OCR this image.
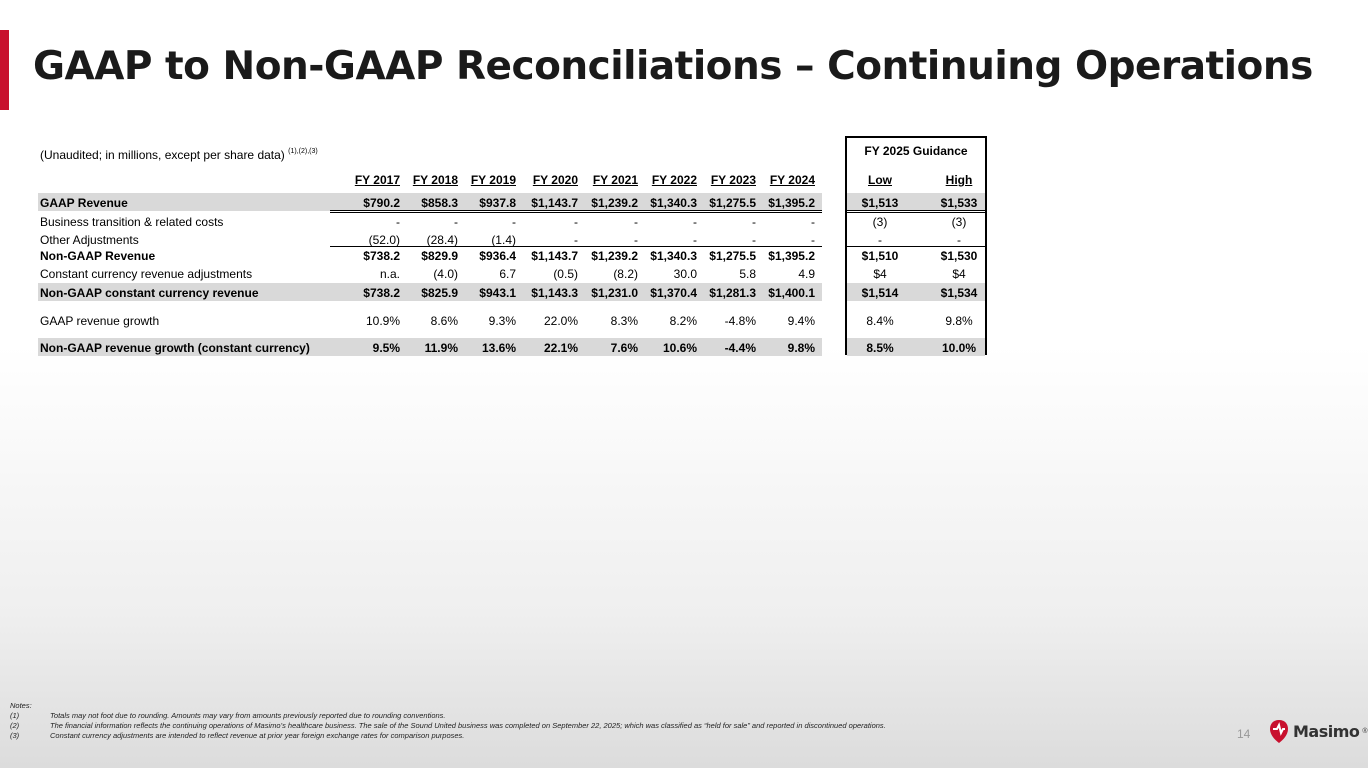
GAAP to Non-GAAP Reconciliations – Continuing Operations
(Unaudited; in millions, except per share data) $^{(1),(2),(3)}$	FY 2025 Guidance
FY 2017	FY 2018	FY 2019	FY 2020	FY 2021	FY 2022	FY 2023	FY 2024	Low	High
GAAP Revenue	$790.2	$858.3	$937.8	$1,143.7	$1,239.2	$1,340.3	$1,275.5	$1,395.2	$1,513	$1,533
Business transition & related costs	-	-	-	-	-	-	-	-	(3)	(3)
Other Adjustments	(52.0)	(28.4)	(1.4)	-	-	-	-	-	-	-
Non-GAAP Revenue	$738.2	$829.9	$936.4	$1,143.7	$1,239.2	$1,340.3	$1,275.5	$1,395.2	$1,510	$1,530
Constant currency revenue adjustments	n.a.	(4.0)	6.7	(0.5)	(8.2)	30.0	5.8	4.9	$4	$4
Non-GAAP constant currency revenue	$738.2	$825.9	$943.1	$1,143.3	$1,231.0	$1,370.4	$1,281.3	$1,400.1	$1,514	$1,534
GAAP revenue growth	10.9%	8.6%	9.3%	22.0%	8.3%	8.2%	-4.8%	9.4%	8.4%	9.8%
Non-GAAP revenue growth (constant currency)	9.5%	11.9%	13.6%	22.1%	7.6%	10.6%	-4.4%	9.8%	8.5%	10.0%
Notes:
(1)	Totals may not foot due to rounding. Amounts may vary from amounts previously reported due to rounding conventions.
(2)	The financial information reflects the continuing operations of Masimo’s healthcare business. The sale of the Sound United business was completed on September 22, 2025; which was classified as “held for sale” and reported in discontinued operations.
(3)	Constant currency adjustments are intended to reflect revenue at prior year foreign exchange rates for comparison purposes.	14	Masimo ®
